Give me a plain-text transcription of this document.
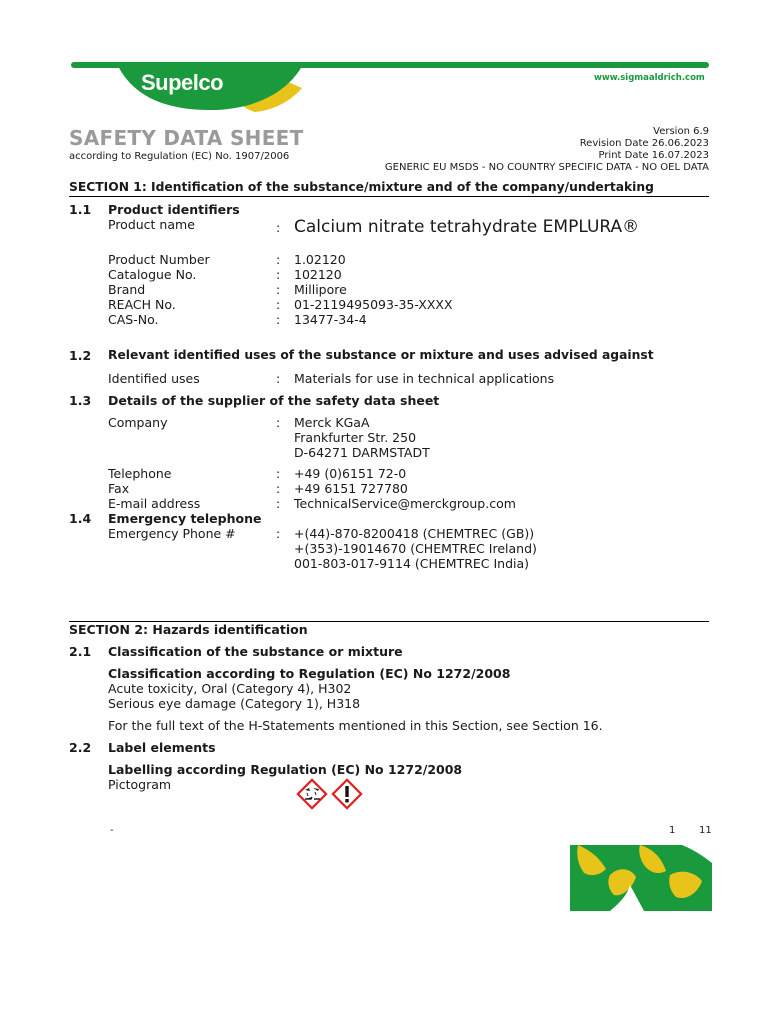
Supelco	www.sigmaaldrich.com
SAFETY DATA SHEET
according to Regulation (EC) No. 1907/2006
Version 6.9
Revision Date 26.06.2023
Print Date 16.07.2023
GENERIC EU MSDS - NO COUNTRY SPECIFIC DATA - NO OEL DATA
SECTION 1: Identification of the substance/mixture and of the company/undertaking
1.1 Product identifiers
Product name	: Calcium nitrate tetrahydrate EMPLURA®
Product Number	: 1.02120
Catalogue No.	: 102120
Brand	: Millipore
REACH No.	: 01-2119495093-35-XXXX
CAS-No.	: 13477-34-4
1.2 Relevant identified uses of the substance or mixture and uses advised against
Identified uses	: Materials for use in technical applications
1.3 Details of the supplier of the safety data sheet
Company	: Merck KGaA
Frankfurter Str. 250
D-64271 DARMSTADT
Telephone	: +49 (0)6151 72-0
Fax	: +49 6151 727780
E-mail address	: TechnicalService@merckgroup.com
1.4 Emergency telephone
Emergency Phone #	: +(44)-870-8200418 (CHEMTREC (GB))
+(353)-19014670 (CHEMTREC Ireland)
001-803-017-9114 (CHEMTREC India)
SECTION 2: Hazards identification
2.1 Classification of the substance or mixture
Classification according to Regulation (EC) No 1272/2008
Acute toxicity, Oral (Category 4), H302
Serious eye damage (Category 1), H318
For the full text of the H-Statements mentioned in this Section, see Section 16.
2.2 Label elements
Labelling according Regulation (EC) No 1272/2008
Pictogram
-	1 11
